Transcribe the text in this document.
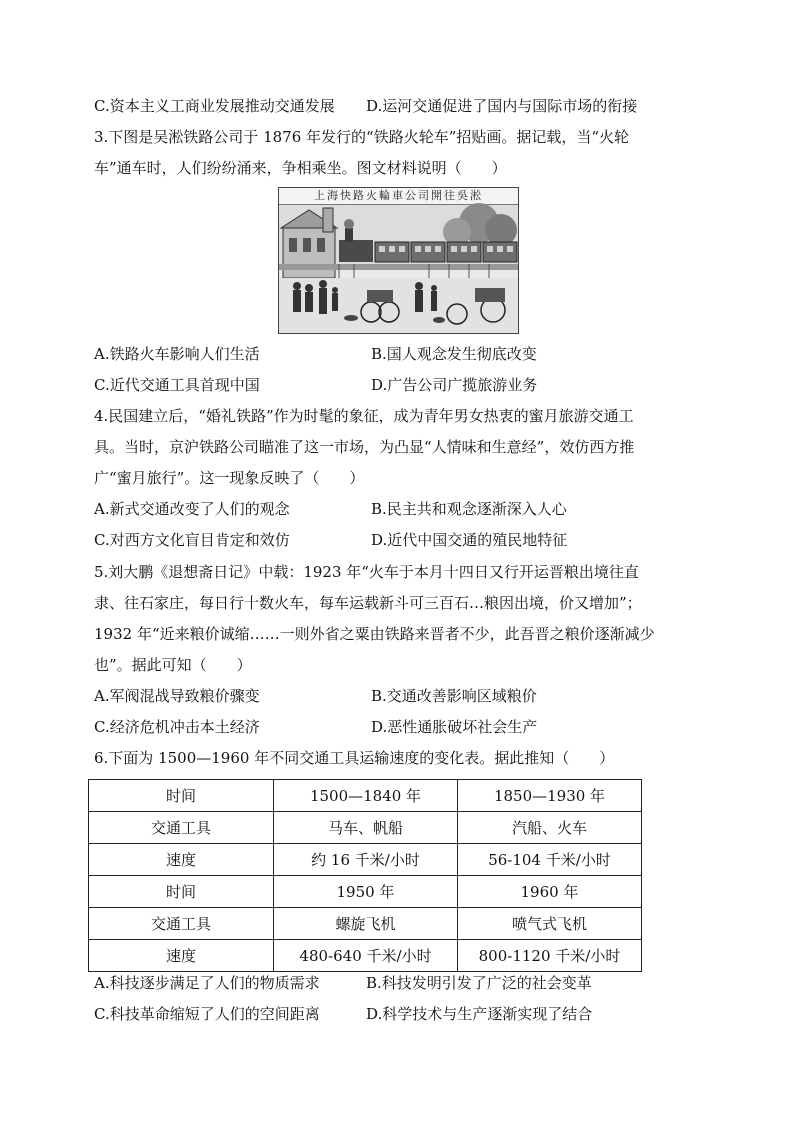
C.资本主义工商业发展推动交通发展 D.运河交通促进了国内与国际市场的衔接
3.下图是吴淞铁路公司于 1876 年发行的“铁路火轮车”招贴画。据记载，当“火轮
车”通车时，人们纷纷涌来，争相乘坐。图文材料说明（　　）
上海快路火輪車公司開往吳淞
A.铁路火车影响人们生活	B.国人观念发生彻底改变
C.近代交通工具首现中国	D.广告公司广揽旅游业务
4.民国建立后，“婚礼铁路”作为时髦的象征，成为青年男女热衷的蜜月旅游交通工
具。当时，京沪铁路公司瞄准了这一市场，为凸显“人情味和生意经”，效仿西方推
广“蜜月旅行”。这一现象反映了（　　）
A.新式交通改变了人们的观念	B.民主共和观念逐渐深入人心
C.对西方文化盲目肯定和效仿	D.近代中国交通的殖民地特征
5.刘大鹏《退想斋日记》中载：1923 年“火车于本月十四日又行开运晋粮出境往直
隶、往石家庄，每日行十数火车，每车运载新斗可三百石…粮因出境，价又增加”；
1932 年“近来粮价诚缩……一则外省之粟由铁路来晋者不少，此吾晋之粮价逐渐减少
也”。据此可知（　　）
A.军阀混战导致粮价骤变	B.交通改善影响区域粮价
C.经济危机冲击本土经济	D.恶性通胀破坏社会生产
6.下面为 1500—1960 年不同交通工具运输速度的变化表。据此推知（　　）
时间	1500—1840 年	1850—1930 年
交通工具	马车、帆船	汽船、火车
速度	约 16 千米/小时	56-104 千米/小时
时间	1950 年	1960 年
交通工具	螺旋飞机	喷气式飞机
速度	480-640 千米/小时	800-1120 千米/小时
A.科技逐步满足了人们的物质需求	B.科技发明引发了广泛的社会变革
C.科技革命缩短了人们的空间距离	D.科学技术与生产逐渐实现了结合
